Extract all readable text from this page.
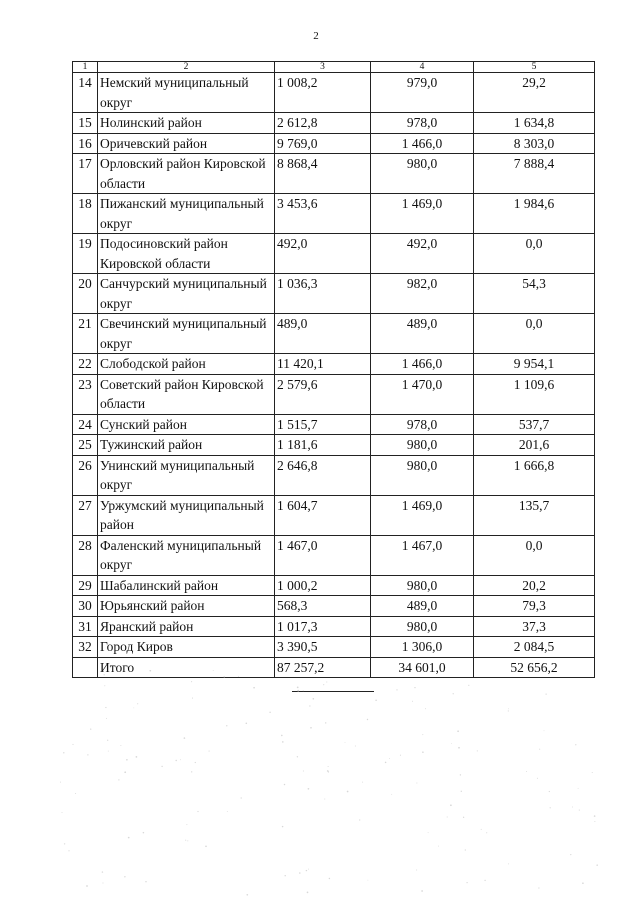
2
1	2	3	4	5
14	Немский муниципальный округ	1 008,2	979,0	29,2
15	Нолинский район	2 612,8	978,0	1 634,8
16	Оричевский район	9 769,0	1 466,0	8 303,0
17	Орловский район Кировской области	8 868,4	980,0	7 888,4
18	Пижанский муниципальный округ	3 453,6	1 469,0	1 984,6
19	Подосиновский район Кировской области	492,0	492,0	0,0
20	Санчурский муниципальный округ	1 036,3	982,0	54,3
21	Свечинский муниципальный округ	489,0	489,0	0,0
22	Слободской район	11 420,1	1 466,0	9 954,1
23	Советский район Кировской области	2 579,6	1 470,0	1 109,6
24	Сунский район	1 515,7	978,0	537,7
25	Тужинский район	1 181,6	980,0	201,6
26	Унинский муниципальный округ	2 646,8	980,0	1 666,8
27	Уржумский муниципальный район	1 604,7	1 469,0	135,7
28	Фаленский муниципальный округ	1 467,0	1 467,0	0,0
29	Шабалинский район	1 000,2	980,0	20,2
30	Юрьянский район	568,3	489,0	79,3
31	Яранский район	1 017,3	980,0	37,3
32	Город Киров	3 390,5	1 306,0	2 084,5
	Итого	87 257,2	34 601,0	52 656,2
